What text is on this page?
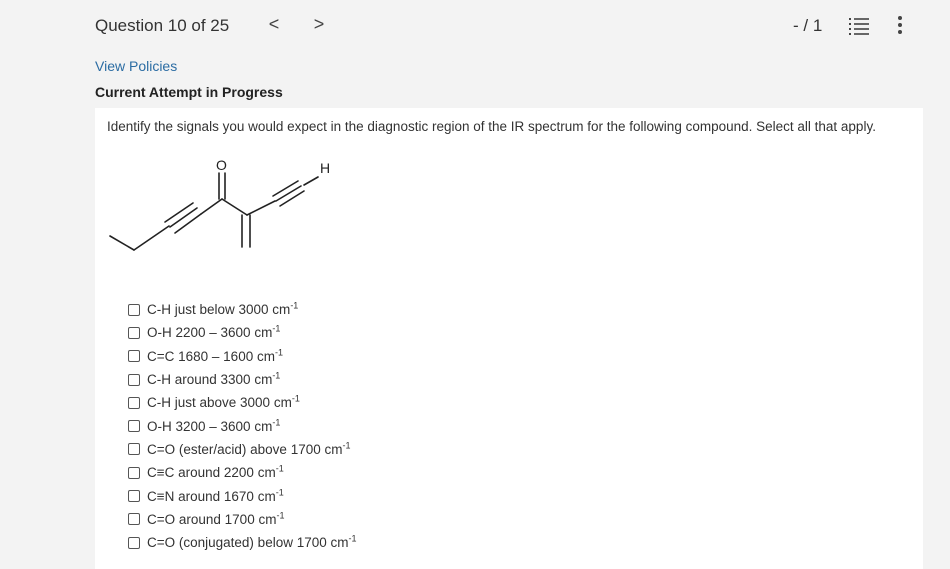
Question 10 of 25 < >	- / 1
View Policies
Current Attempt in Progress
Identify the signals you would expect in the diagnostic region of the IR spectrum for the following compound. Select all that apply.
O	H
C-H just below 3000 $cm^{-1}$
O-H 2200 – 3600 $cm^{-1}$
C=C 1680 – 1600 $cm^{-1}$
C-H around 3300 $cm^{-1}$
C-H just above 3000 $cm^{-1}$
O-H 3200 – 3600 $cm^{-1}$
C=O (ester/acid) above 1700 $cm^{-1}$
C≡C around 2200 $cm^{-1}$
C≡N around 1670 $cm^{-1}$
C=O around 1700 $cm^{-1}$
C=O (conjugated) below 1700 $cm^{-1}$
